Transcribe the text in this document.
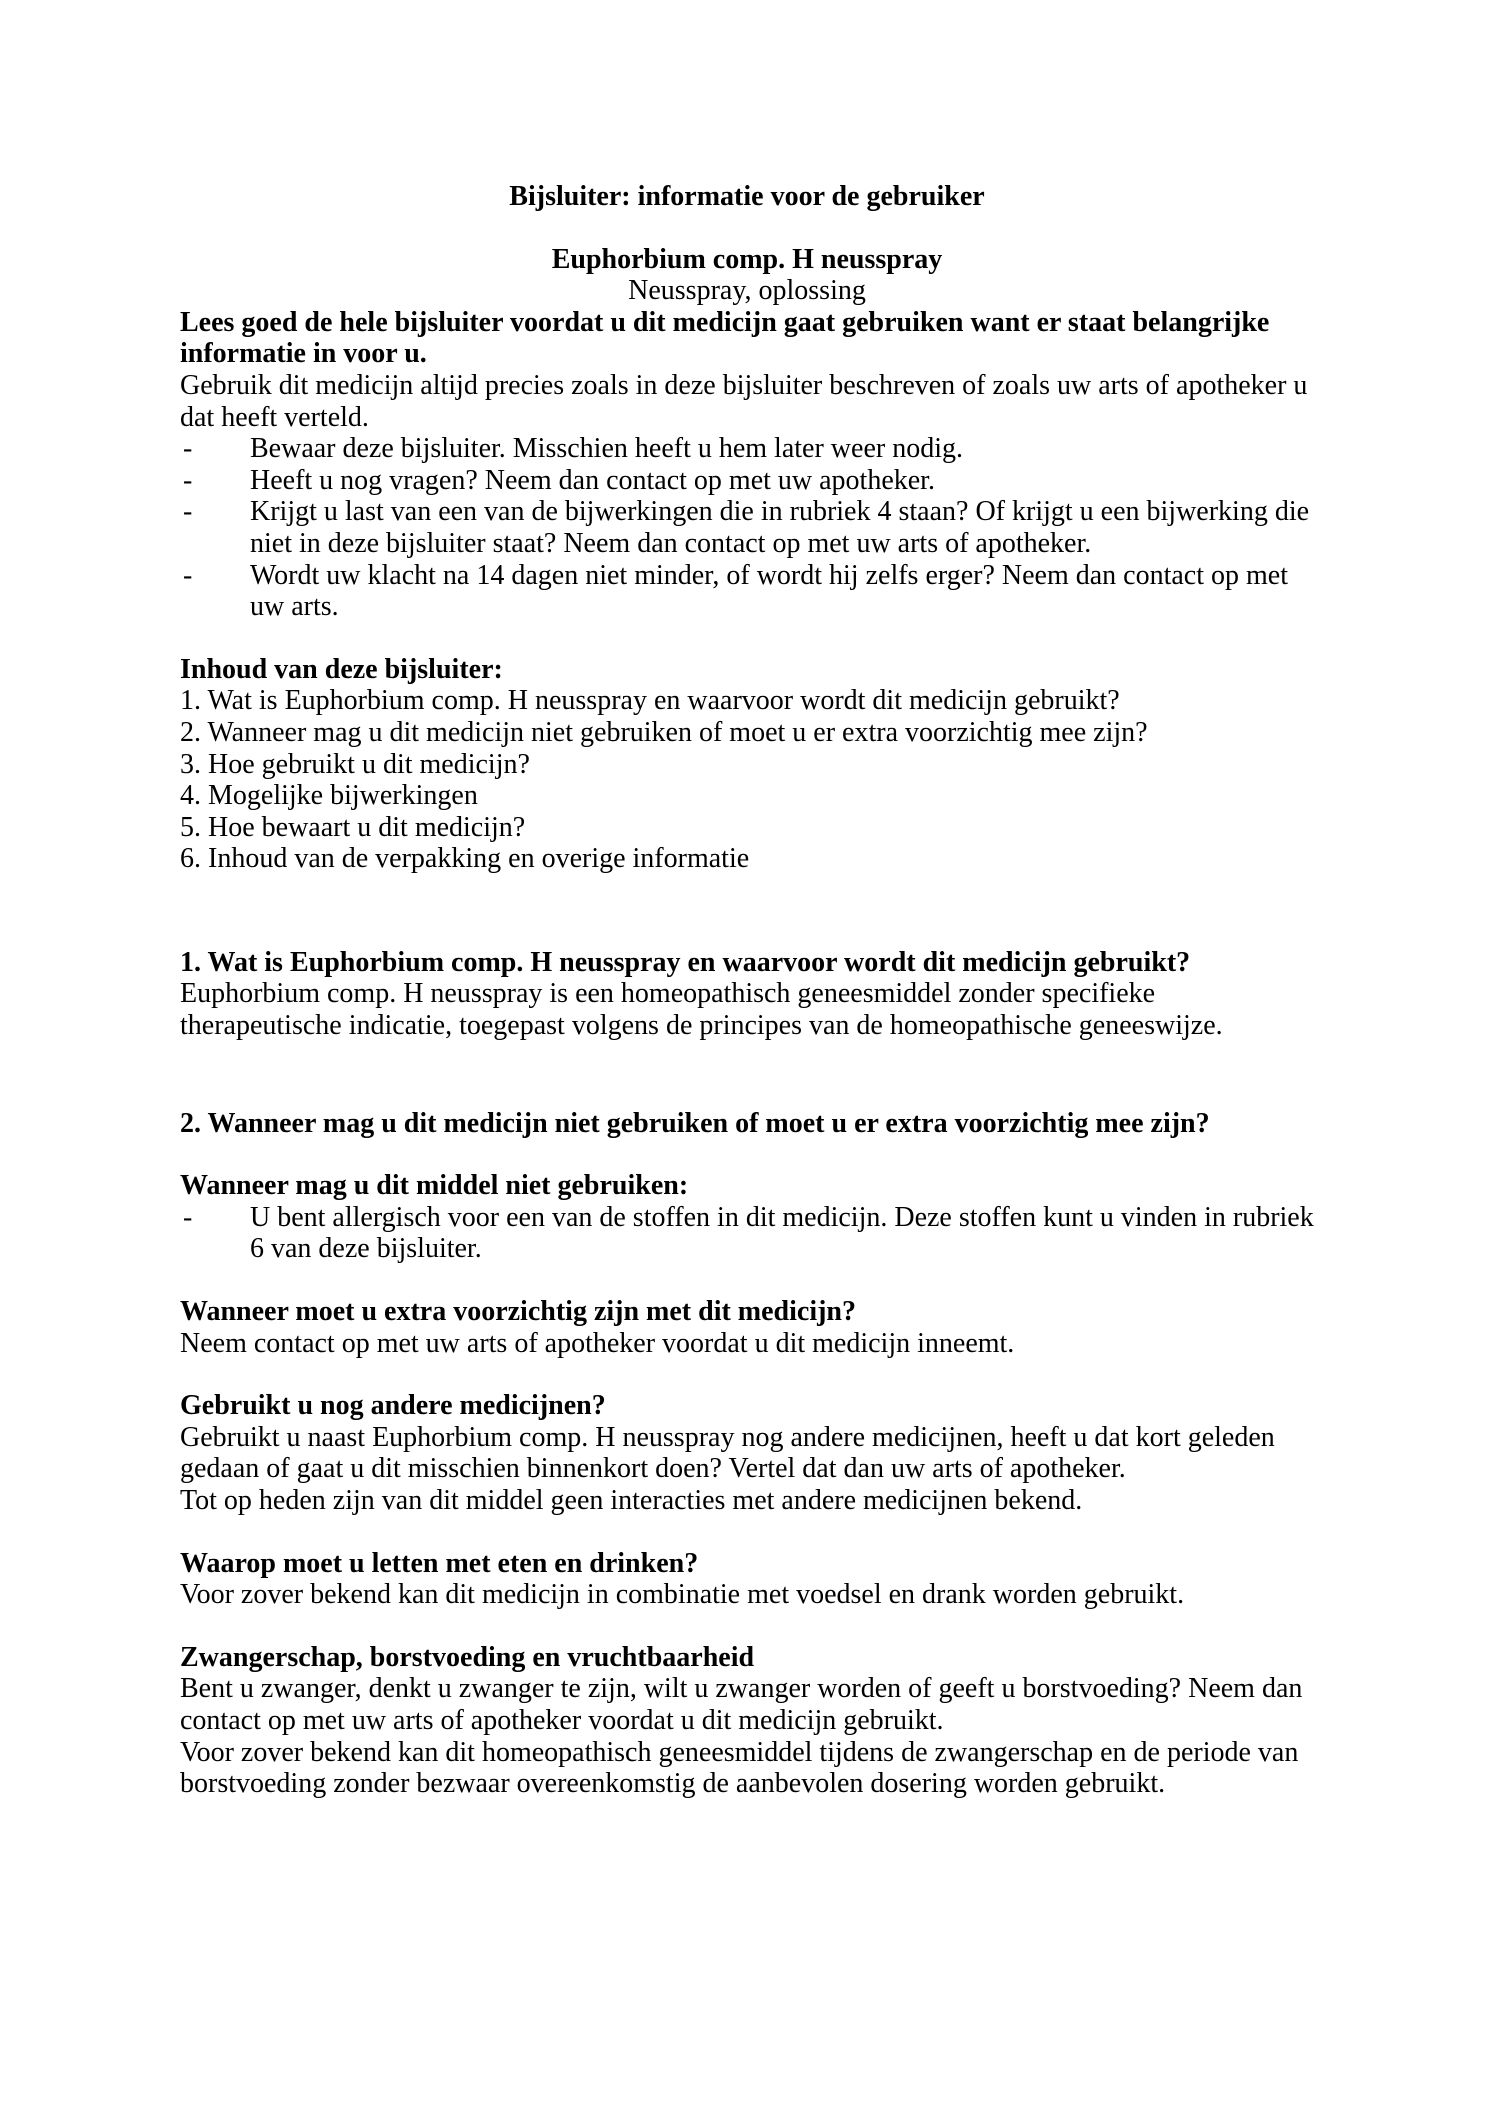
Bijsluiter: informatie voor de gebruiker
Euphorbium comp. H neusspray
Neusspray, oplossing
Lees goed de hele bijsluiter voordat u dit medicijn gaat gebruiken want er staat belangrijke informatie in voor u.
Gebruik dit medicijn altijd precies zoals in deze bijsluiter beschreven of zoals uw arts of apotheker u dat heeft verteld.
-	Bewaar deze bijsluiter. Misschien heeft u hem later weer nodig.
-	Heeft u nog vragen? Neem dan contact op met uw apotheker.
-	Krijgt u last van een van de bijwerkingen die in rubriek 4 staan? Of krijgt u een bijwerking die niet in deze bijsluiter staat? Neem dan contact op met uw arts of apotheker.
-	Wordt uw klacht na 14 dagen niet minder, of wordt hij zelfs erger? Neem dan contact op met uw arts.
Inhoud van deze bijsluiter:
1. Wat is Euphorbium comp. H neusspray en waarvoor wordt dit medicijn gebruikt?
2. Wanneer mag u dit medicijn niet gebruiken of moet u er extra voorzichtig mee zijn?
3. Hoe gebruikt u dit medicijn?
4. Mogelijke bijwerkingen
5. Hoe bewaart u dit medicijn?
6. Inhoud van de verpakking en overige informatie
1. Wat is Euphorbium comp. H neusspray en waarvoor wordt dit medicijn gebruikt?
Euphorbium comp. H neusspray is een homeopathisch geneesmiddel zonder specifieke therapeutische indicatie, toegepast volgens de principes van de homeopathische geneeswijze.
2. Wanneer mag u dit medicijn niet gebruiken of moet u er extra voorzichtig mee zijn?
Wanneer mag u dit middel niet gebruiken:
-	U bent allergisch voor een van de stoffen in dit medicijn. Deze stoffen kunt u vinden in rubriek 6 van deze bijsluiter.
Wanneer moet u extra voorzichtig zijn met dit medicijn?
Neem contact op met uw arts of apotheker voordat u dit medicijn inneemt.
Gebruikt u nog andere medicijnen?
Gebruikt u naast Euphorbium comp. H neusspray nog andere medicijnen, heeft u dat kort geleden gedaan of gaat u dit misschien binnenkort doen? Vertel dat dan uw arts of apotheker.
Tot op heden zijn van dit middel geen interacties met andere medicijnen bekend.
Waarop moet u letten met eten en drinken?
Voor zover bekend kan dit medicijn in combinatie met voedsel en drank worden gebruikt.
Zwangerschap, borstvoeding en vruchtbaarheid
Bent u zwanger, denkt u zwanger te zijn, wilt u zwanger worden of geeft u borstvoeding? Neem dan contact op met uw arts of apotheker voordat u dit medicijn gebruikt.
Voor zover bekend kan dit homeopathisch geneesmiddel tijdens de zwangerschap en de periode van borstvoeding zonder bezwaar overeenkomstig de aanbevolen dosering worden gebruikt.
